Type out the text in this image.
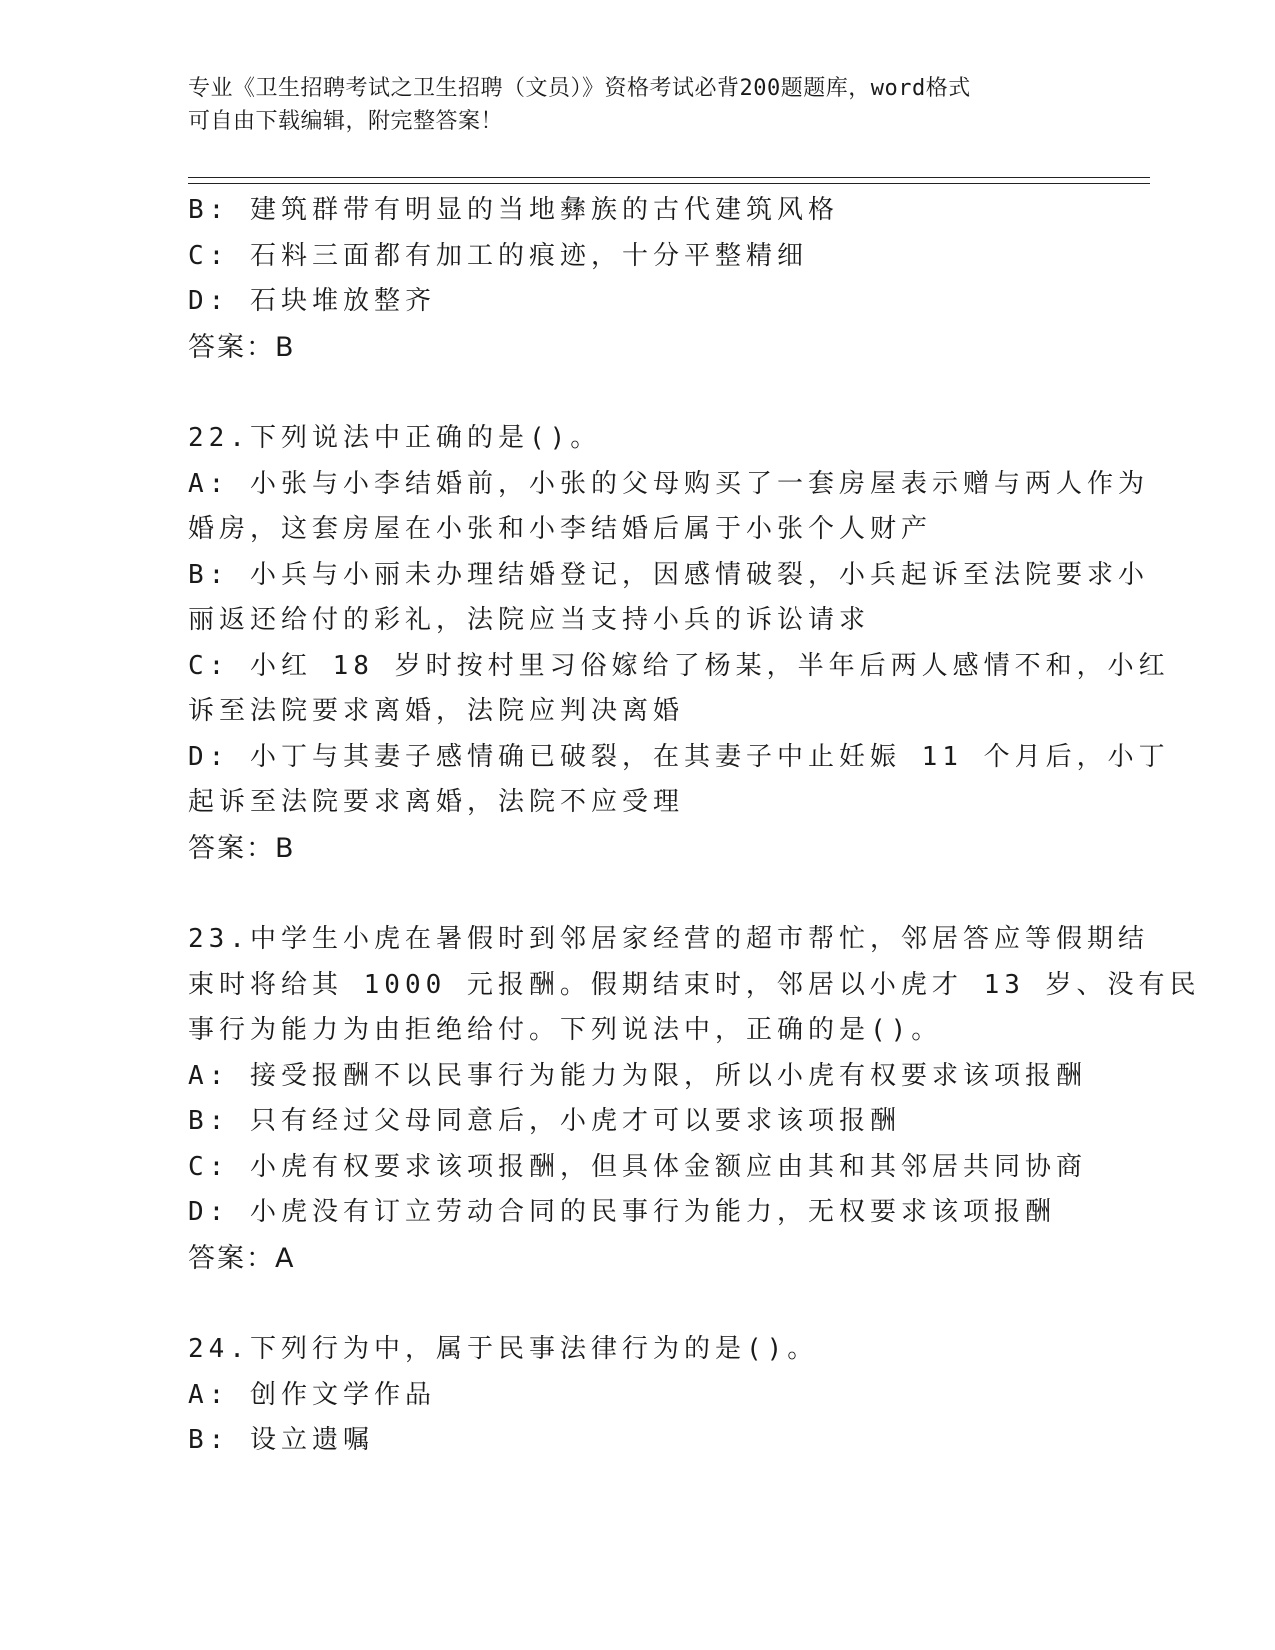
专业《卫生招聘考试之卫生招聘（文员）》资格考试必背200题题库，word格式
可自由下载编辑，附完整答案！
B: 建筑群带有明显的当地彝族的古代建筑风格
C: 石料三面都有加工的痕迹，十分平整精细
D: 石块堆放整齐
答案：B
22.下列说法中正确的是()。
A: 小张与小李结婚前，小张的父母购买了一套房屋表示赠与两人作为
婚房，这套房屋在小张和小李结婚后属于小张个人财产
B: 小兵与小丽未办理结婚登记，因感情破裂，小兵起诉至法院要求小
丽返还给付的彩礼，法院应当支持小兵的诉讼请求
C: 小红 18 岁时按村里习俗嫁给了杨某，半年后两人感情不和，小红
诉至法院要求离婚，法院应判决离婚
D: 小丁与其妻子感情确已破裂，在其妻子中止妊娠 11 个月后，小丁
起诉至法院要求离婚，法院不应受理
答案：B
23.中学生小虎在暑假时到邻居家经营的超市帮忙，邻居答应等假期结
束时将给其 1000 元报酬。假期结束时，邻居以小虎才 13 岁、没有民
事行为能力为由拒绝给付。下列说法中，正确的是()。
A: 接受报酬不以民事行为能力为限，所以小虎有权要求该项报酬
B: 只有经过父母同意后，小虎才可以要求该项报酬
C: 小虎有权要求该项报酬，但具体金额应由其和其邻居共同协商
D: 小虎没有订立劳动合同的民事行为能力，无权要求该项报酬
答案：A
24.下列行为中，属于民事法律行为的是()。
A: 创作文学作品
B: 设立遗嘱
